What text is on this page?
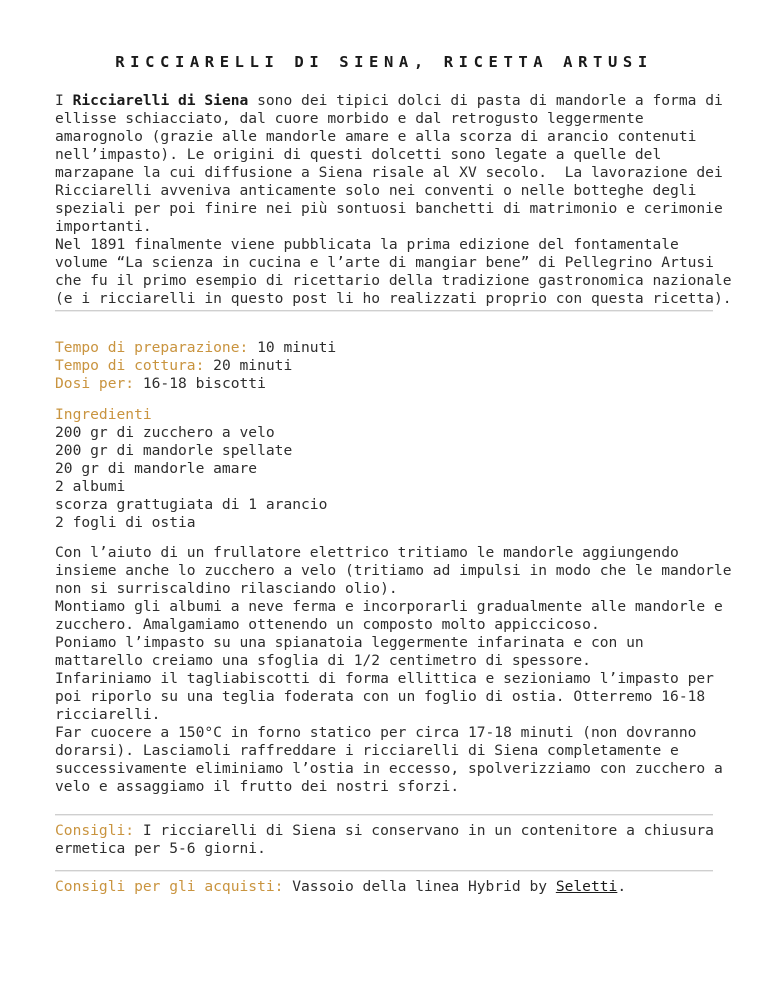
RICCIARELLI DI SIENA, RICETTA ARTUSI
I Ricciarelli di Siena sono dei tipici dolci di pasta di mandorle a forma di
ellisse schiacciato, dal cuore morbido e dal retrogusto leggermente
amarognolo (grazie alle mandorle amare e alla scorza di arancio contenuti
nell’impasto). Le origini di questi dolcetti sono legate a quelle del
marzapane la cui diffusione a Siena risale al XV secolo.  La lavorazione dei
Ricciarelli avveniva anticamente solo nei conventi o nelle botteghe degli
speziali per poi finire nei più sontuosi banchetti di matrimonio e cerimonie
importanti.
Nel 1891 finalmente viene pubblicata la prima edizione del fontamentale
volume “La scienza in cucina e l’arte di mangiar bene” di Pellegrino Artusi
che fu il primo esempio di ricettario della tradizione gastronomica nazionale
(e i ricciarelli in questo post li ho realizzati proprio con questa ricetta).
Tempo di preparazione: 10 minuti
Tempo di cottura: 20 minuti
Dosi per: 16-18 biscotti
Ingredienti
200 gr di zucchero a velo
200 gr di mandorle spellate
20 gr di mandorle amare
2 albumi
scorza grattugiata di 1 arancio
2 fogli di ostia
Con l’aiuto di un frullatore elettrico tritiamo le mandorle aggiungendo
insieme anche lo zucchero a velo (tritiamo ad impulsi in modo che le mandorle
non si surriscaldino rilasciando olio).
Montiamo gli albumi a neve ferma e incorporarli gradualmente alle mandorle e
zucchero. Amalgamiamo ottenendo un composto molto appiccicoso.
Poniamo l’impasto su una spianatoia leggermente infarinata e con un
mattarello creiamo una sfoglia di 1/2 centimetro di spessore.
Infariniamo il tagliabiscotti di forma ellittica e sezioniamo l’impasto per
poi riporlo su una teglia foderata con un foglio di ostia. Otterremo 16-18
ricciarelli.
Far cuocere a 150°C in forno statico per circa 17-18 minuti (non dovranno
dorarsi). Lasciamoli raffreddare i ricciarelli di Siena completamente e
successivamente eliminiamo l’ostia in eccesso, spolverizziamo con zucchero a
velo e assaggiamo il frutto dei nostri sforzi.
Consigli: I ricciarelli di Siena si conservano in un contenitore a chiusura
ermetica per 5-6 giorni.
Consigli per gli acquisti: Vassoio della linea Hybrid by Seletti.
